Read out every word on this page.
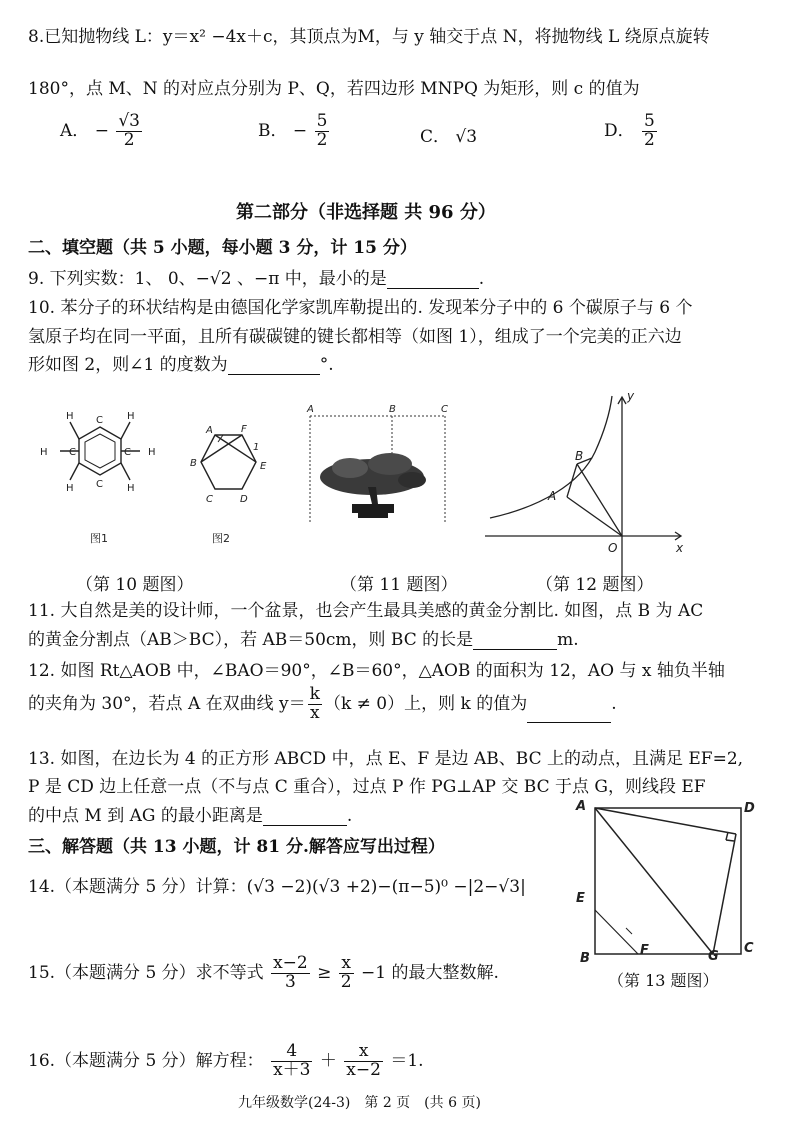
8.已知抛物线 L：y＝x² −4x＋c，其顶点为M，与 y 轴交于点 N，将抛物线 L 绕原点旋转
180°，点 M、N 的对应点分别为 P、Q，若四边形 MNPQ 为矩形，则 c 的值为
A． − $\frac{√3}{2}$	B． − $\frac{5}{2}$	C． √3	D． $\frac{5}{2}$
第二部分（非选择题 共 96 分）
二、填空题（共 5 小题，每小题 3 分，计 15 分）
9. 下列实数：1、 0、−√2 、−π 中，最小的是	.
10. 苯分子的环状结构是由德国化学家凯库勒提出的. 发现苯分子中的 6 个碳原子与 6 个
氢原子均在同一平面，且所有碳碳键的键长都相等（如图 1），组成了一个完美的正六边
形如图 2，则∠1 的度数为	°.
H	H
H	H
H	H
C
C
C	C
图1
A	F
1
B	E
C	D
图2
A	B	C
B
A
O	x
y
（第 10 题图）	（第 11 题图）	（第 12 题图）
11. 大自然是美的设计师，一个盆景，也会产生最具美感的黄金分割比. 如图，点 B 为 AC
的黄金分割点（AB＞BC），若 AB＝50cm，则 BC 的长是	m.
12. 如图 Rt△AOB 中，∠BAO＝90°，∠B＝60°，△AOB 的面积为 12，AO 与 x 轴负半轴
的夹角为 30°，若点 A 在双曲线 $y= \frac{k}{x} (k \ne 0)$上，则 k 的值为	.
13. 如图，在边长为 4 的正方形 ABCD 中，点 E、F 是边 AB、BC 上的动点，且满足 EF=2,
P 是 CD 边上任意一点（不与点 C 重合），过点 P 作 PG⊥AP 交 BC 于点 G，则线段 EF
的中点 M 到 AG 的最小距离是	.	A	D
E
B
F	G
C
（第 13 题图）
三、解答题（共 13 小题，计 81 分.解答应写出过程）
14.（本题满分 5 分）计算：(√3 −2)(√3 +2)−(π−5)⁰ −|2−√3|
15.（本题满分 5 分）求不等式 $\frac{x-2}{3} \ge \frac{x}{2} -1$ 的最大整数解.
16.（本题满分 5 分）解方程： $\frac{4}{x+3} + \frac{x}{x-2} =1$.
九年级数学(24-3)　第 2 页　(共 6 页)
